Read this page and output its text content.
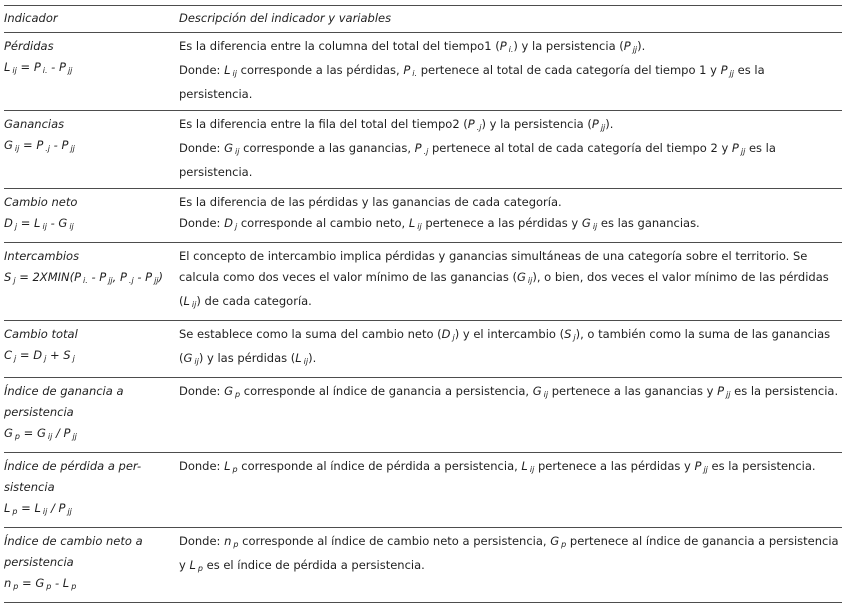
Indicador	Descripción del indicador y variables
Pérdidas
L ij = P i. - P jj
Es la diferencia entre la columna del total del tiempo1 (P i.) y la persistencia (P jj).
Donde: L ij corresponde a las pérdidas, P i. pertenece al total de cada categoría del tiempo 1 y P jj es la persistencia.
Ganancias
G ij = P .j - P jj
Es la diferencia entre la fila del total del tiempo2 (P .j) y la persistencia (P jj).
Donde: G ij corresponde a las ganancias, P .j pertenece al total de cada categoría del tiempo 2 y P jj es la persistencia.
Cambio neto
D j = L ij - G ij
Es la diferencia de las pérdidas y las ganancias de cada categoría.
Donde: D j corresponde al cambio neto, L ij pertenece a las pérdidas y G ij es las ganancias.
Intercambios
S j = 2XMIN(P i. - P jj, P .j - P jj)
El concepto de intercambio implica pérdidas y ganancias simultáneas de una categoría sobre el territorio. Se calcula como dos veces el valor mínimo de las ganancias (G ij), o bien, dos veces el valor mínimo de las pérdidas (L ij) de cada categoría.
Cambio total
C j = D j + S j
Se establece como la suma del cambio neto (D j) y el intercambio (S j), o también como la suma de las ganancias (G ij) y las pérdidas (L ij).
Índice de ganancia a
persistencia
G p = G ij / P jj
Donde: G p corresponde al índice de ganancia a persistencia, G ij pertenece a las ganancias y P jj es la persistencia.
Índice de pérdida a per-
sistencia
L p = L ij / P jj
Donde: L p corresponde al índice de pérdida a persistencia, L ij pertenece a las pérdidas y P jj es la persistencia.
Índice de cambio neto a
persistencia
n p = G p - L p
Donde: n p corresponde al índice de cambio neto a persistencia, G p pertenece al índice de ganancia a persistencia y L p es el índice de pérdida a persistencia.
